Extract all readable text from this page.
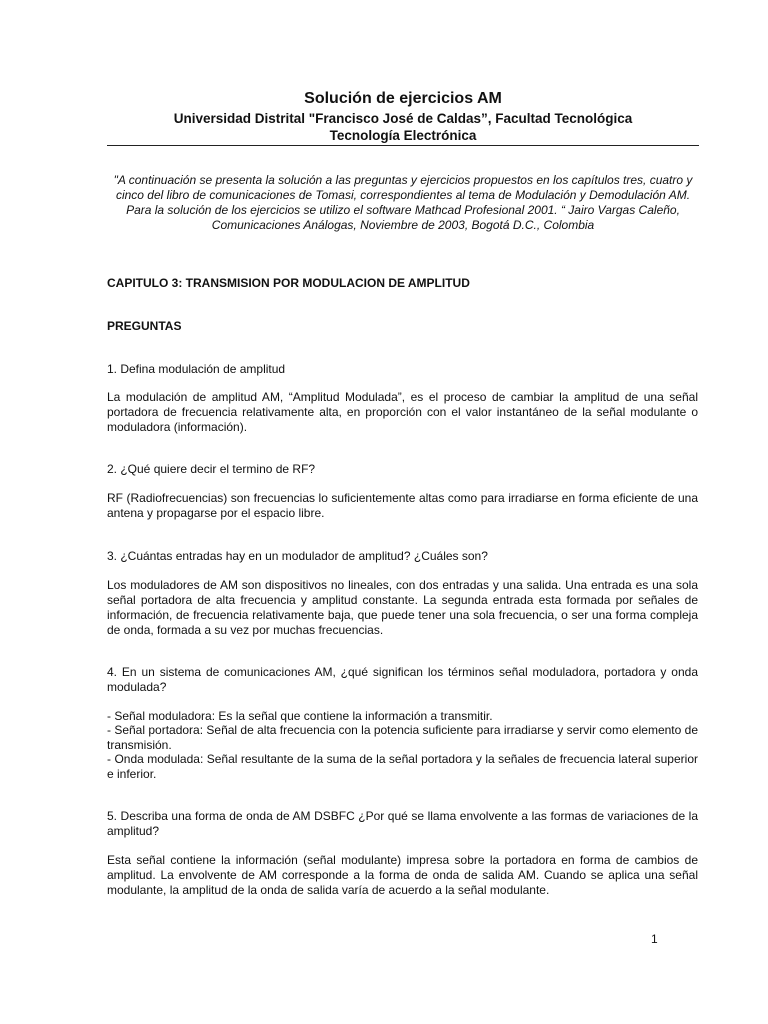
Solución de ejercicios AM
Universidad Distrital "Francisco José de Caldas”, Facultad Tecnológica
Tecnología Electrónica
"A continuación se presenta la solución a las preguntas y ejercicios propuestos en los capítulos tres, cuatro y cinco del libro de comunicaciones de Tomasi, correspondientes al tema de Modulación y Demodulación AM. Para la solución de los ejercicios se utilizo el software Mathcad Profesional 2001. “ Jairo Vargas Caleño, Comunicaciones Análogas, Noviembre de 2003, Bogotá D.C., Colombia
CAPITULO 3: TRANSMISION POR MODULACION DE AMPLITUD
PREGUNTAS
1. Defina modulación de amplitud
La modulación de amplitud AM, “Amplitud Modulada”, es el proceso de cambiar la amplitud de una señal portadora de frecuencia relativamente alta, en proporción con el valor instantáneo de la señal modulante o moduladora (información).
2. ¿Qué quiere decir el termino de RF?
RF (Radiofrecuencias) son frecuencias lo suficientemente altas como para irradiarse en forma eficiente de una antena y propagarse por el espacio libre.
3. ¿Cuántas entradas hay en un modulador de amplitud? ¿Cuáles son?
Los moduladores de AM son dispositivos no lineales, con dos entradas y una salida. Una entrada es una sola señal portadora de alta frecuencia y amplitud constante. La segunda entrada esta formada por señales de información, de frecuencia relativamente baja, que puede tener una sola frecuencia, o ser una forma compleja de onda, formada a su vez por muchas frecuencias.
4. En un sistema de comunicaciones AM, ¿qué significan los términos señal moduladora, portadora y onda modulada?
- Señal moduladora: Es la señal que contiene la información a transmitir.
- Señal portadora: Señal de alta frecuencia con la potencia suficiente para irradiarse y servir como elemento de transmisión.
- Onda modulada: Señal resultante de la suma de la señal portadora y la señales de frecuencia lateral superior e inferior.
5. Describa una forma de onda de AM DSBFC ¿Por qué se llama envolvente a las formas de variaciones de la amplitud?
Esta señal contiene la información (señal modulante) impresa sobre la portadora en forma de cambios de amplitud. La envolvente de AM corresponde a la forma de onda de salida AM. Cuando se aplica una señal modulante, la amplitud de la onda de salida varía de acuerdo a la señal modulante.
1
